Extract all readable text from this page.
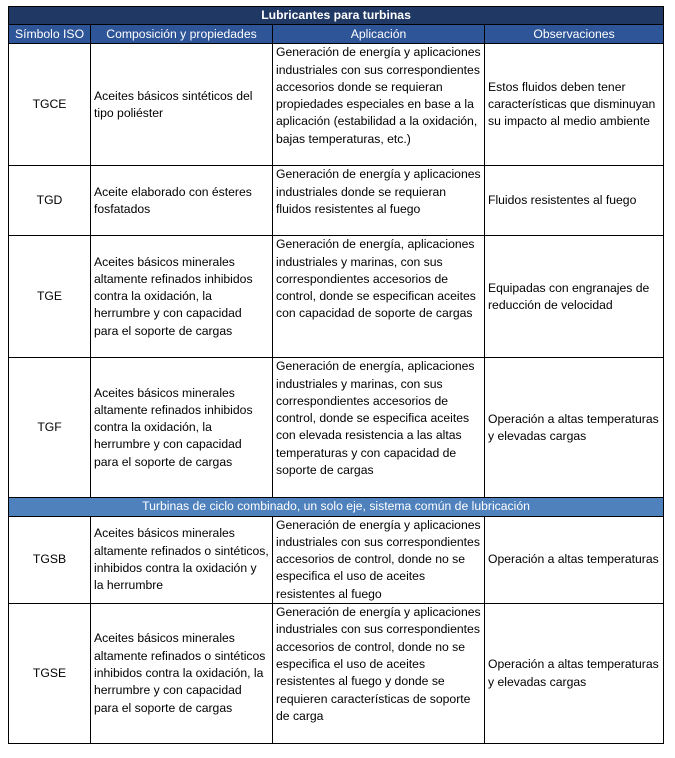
Lubricantes para turbinas			
Símbolo ISO	Composición y propiedades	Aplicación	Observaciones
TGCE	Aceites básicos sintéticos del tipo poliéster	Generación de energía y aplicaciones industriales con sus correspondientes accesorios donde se requieran propiedades especiales en base a la aplicación (estabilidad a la oxidación, bajas temperaturas, etc.)	Estos fluidos deben tener características que disminuyan su impacto al medio ambiente
TGD	Aceite elaborado con ésteres fosfatados	Generación de energía y aplicaciones industriales donde se requieran fluidos resistentes al fuego	Fluidos resistentes al fuego
TGE	Aceites básicos minerales altamente refinados inhibidos contra la oxidación, la herrumbre y con capacidad para el soporte de cargas	Generación de energía, aplicaciones industriales y marinas, con sus correspondientes accesorios de control, donde se especifican aceites con capacidad de soporte de cargas	Equipadas con engranajes de reducción de velocidad
TGF	Aceites básicos minerales altamente refinados inhibidos contra la oxidación, la herrumbre y con capacidad para el soporte de cargas	Generación de energía, aplicaciones industriales y marinas, con sus correspondientes accesorios de control, donde se especifica aceites con elevada resistencia a las altas temperaturas y con capacidad de soporte de cargas	Operación a altas temperaturas y elevadas cargas
Turbinas de ciclo combinado, un solo eje, sistema común de lubricación			
TGSB	Aceites básicos minerales altamente refinados o sintéticos, inhibidos contra la oxidación y la herrumbre	Generación de energía y aplicaciones industriales con sus correspondientes accesorios de control, donde no se especifica el uso de aceites resistentes al fuego	Operación a altas temperaturas
TGSE	Aceites básicos minerales altamente refinados o sintéticos inhibidos contra la oxidación, la herrumbre y con capacidad para el soporte de cargas	Generación de energía y aplicaciones industriales con sus correspondientes accesorios de control, donde no se especifica el uso de aceites resistentes al fuego y donde se requieren características de soporte de carga	Operación a altas temperaturas y elevadas cargas
